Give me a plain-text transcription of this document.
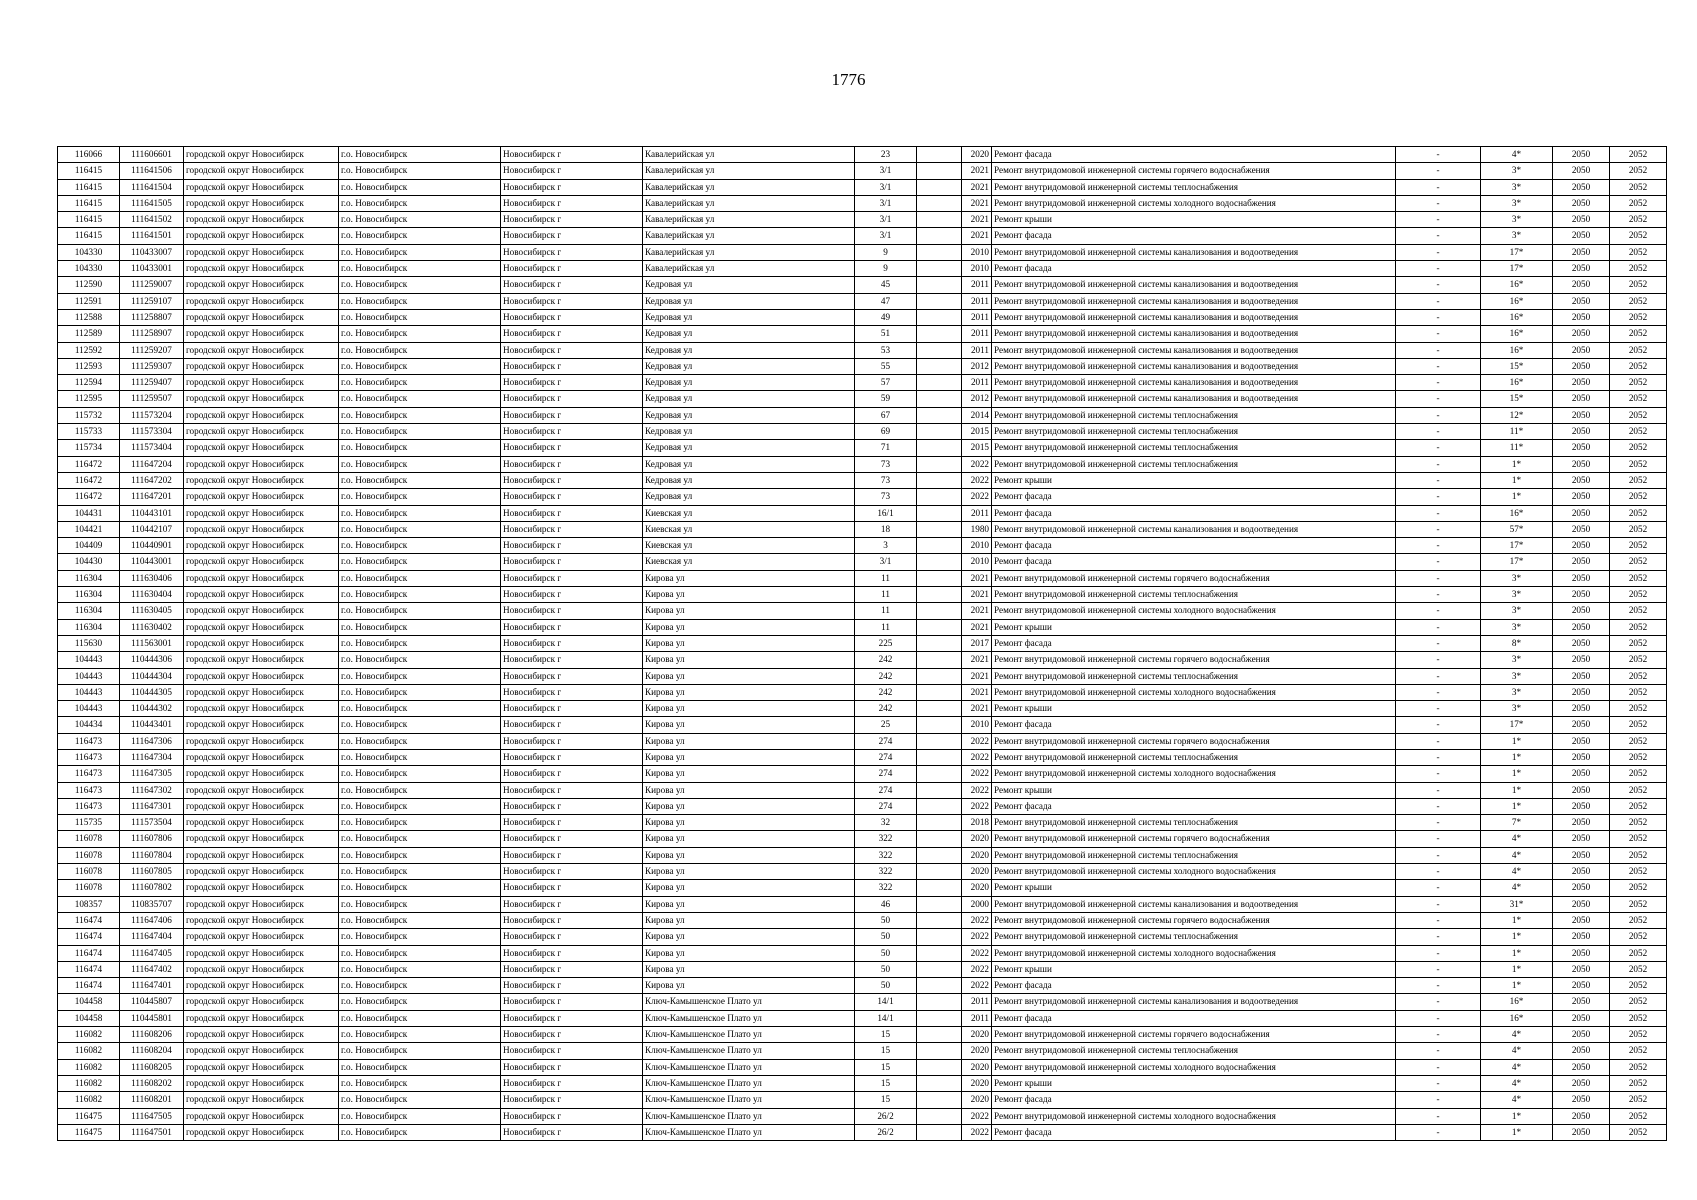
1776
116066	111606601	городской округ Новосибирск	г.о. Новосибирск	Новосибирск г	Кавалерийская ул	23		2020	Ремонт фасада	-	4*	2050	2052
116415	111641506	городской округ Новосибирск	г.о. Новосибирск	Новосибирск г	Кавалерийская ул	3/1		2021	Ремонт внутридомовой инженерной системы горячего водоснабжения	-	3*	2050	2052
116415	111641504	городской округ Новосибирск	г.о. Новосибирск	Новосибирск г	Кавалерийская ул	3/1		2021	Ремонт внутридомовой инженерной системы теплоснабжения	-	3*	2050	2052
116415	111641505	городской округ Новосибирск	г.о. Новосибирск	Новосибирск г	Кавалерийская ул	3/1		2021	Ремонт внутридомовой инженерной системы холодного водоснабжения	-	3*	2050	2052
116415	111641502	городской округ Новосибирск	г.о. Новосибирск	Новосибирск г	Кавалерийская ул	3/1		2021	Ремонт крыши	-	3*	2050	2052
116415	111641501	городской округ Новосибирск	г.о. Новосибирск	Новосибирск г	Кавалерийская ул	3/1		2021	Ремонт фасада	-	3*	2050	2052
104330	110433007	городской округ Новосибирск	г.о. Новосибирск	Новосибирск г	Кавалерийская ул	9		2010	Ремонт внутридомовой инженерной системы канализования и водоотведения	-	17*	2050	2052
104330	110433001	городской округ Новосибирск	г.о. Новосибирск	Новосибирск г	Кавалерийская ул	9		2010	Ремонт фасада	-	17*	2050	2052
112590	111259007	городской округ Новосибирск	г.о. Новосибирск	Новосибирск г	Кедровая ул	45		2011	Ремонт внутридомовой инженерной системы канализования и водоотведения	-	16*	2050	2052
112591	111259107	городской округ Новосибирск	г.о. Новосибирск	Новосибирск г	Кедровая ул	47		2011	Ремонт внутридомовой инженерной системы канализования и водоотведения	-	16*	2050	2052
112588	111258807	городской округ Новосибирск	г.о. Новосибирск	Новосибирск г	Кедровая ул	49		2011	Ремонт внутридомовой инженерной системы канализования и водоотведения	-	16*	2050	2052
112589	111258907	городской округ Новосибирск	г.о. Новосибирск	Новосибирск г	Кедровая ул	51		2011	Ремонт внутридомовой инженерной системы канализования и водоотведения	-	16*	2050	2052
112592	111259207	городской округ Новосибирск	г.о. Новосибирск	Новосибирск г	Кедровая ул	53		2011	Ремонт внутридомовой инженерной системы канализования и водоотведения	-	16*	2050	2052
112593	111259307	городской округ Новосибирск	г.о. Новосибирск	Новосибирск г	Кедровая ул	55		2012	Ремонт внутридомовой инженерной системы канализования и водоотведения	-	15*	2050	2052
112594	111259407	городской округ Новосибирск	г.о. Новосибирск	Новосибирск г	Кедровая ул	57		2011	Ремонт внутридомовой инженерной системы канализования и водоотведения	-	16*	2050	2052
112595	111259507	городской округ Новосибирск	г.о. Новосибирск	Новосибирск г	Кедровая ул	59		2012	Ремонт внутридомовой инженерной системы канализования и водоотведения	-	15*	2050	2052
115732	111573204	городской округ Новосибирск	г.о. Новосибирск	Новосибирск г	Кедровая ул	67		2014	Ремонт внутридомовой инженерной системы теплоснабжения	-	12*	2050	2052
115733	111573304	городской округ Новосибирск	г.о. Новосибирск	Новосибирск г	Кедровая ул	69		2015	Ремонт внутридомовой инженерной системы теплоснабжения	-	11*	2050	2052
115734	111573404	городской округ Новосибирск	г.о. Новосибирск	Новосибирск г	Кедровая ул	71		2015	Ремонт внутридомовой инженерной системы теплоснабжения	-	11*	2050	2052
116472	111647204	городской округ Новосибирск	г.о. Новосибирск	Новосибирск г	Кедровая ул	73		2022	Ремонт внутридомовой инженерной системы теплоснабжения	-	1*	2050	2052
116472	111647202	городской округ Новосибирск	г.о. Новосибирск	Новосибирск г	Кедровая ул	73		2022	Ремонт крыши	-	1*	2050	2052
116472	111647201	городской округ Новосибирск	г.о. Новосибирск	Новосибирск г	Кедровая ул	73		2022	Ремонт фасада	-	1*	2050	2052
104431	110443101	городской округ Новосибирск	г.о. Новосибирск	Новосибирск г	Киевская ул	16/1		2011	Ремонт фасада	-	16*	2050	2052
104421	110442107	городской округ Новосибирск	г.о. Новосибирск	Новосибирск г	Киевская ул	18		1980	Ремонт внутридомовой инженерной системы канализования и водоотведения	-	57*	2050	2052
104409	110440901	городской округ Новосибирск	г.о. Новосибирск	Новосибирск г	Киевская ул	3		2010	Ремонт фасада	-	17*	2050	2052
104430	110443001	городской округ Новосибирск	г.о. Новосибирск	Новосибирск г	Киевская ул	3/1		2010	Ремонт фасада	-	17*	2050	2052
116304	111630406	городской округ Новосибирск	г.о. Новосибирск	Новосибирск г	Кирова ул	11		2021	Ремонт внутридомовой инженерной системы горячего водоснабжения	-	3*	2050	2052
116304	111630404	городской округ Новосибирск	г.о. Новосибирск	Новосибирск г	Кирова ул	11		2021	Ремонт внутридомовой инженерной системы теплоснабжения	-	3*	2050	2052
116304	111630405	городской округ Новосибирск	г.о. Новосибирск	Новосибирск г	Кирова ул	11		2021	Ремонт внутридомовой инженерной системы холодного водоснабжения	-	3*	2050	2052
116304	111630402	городской округ Новосибирск	г.о. Новосибирск	Новосибирск г	Кирова ул	11		2021	Ремонт крыши	-	3*	2050	2052
115630	111563001	городской округ Новосибирск	г.о. Новосибирск	Новосибирск г	Кирова ул	225		2017	Ремонт фасада	-	8*	2050	2052
104443	110444306	городской округ Новосибирск	г.о. Новосибирск	Новосибирск г	Кирова ул	242		2021	Ремонт внутридомовой инженерной системы горячего водоснабжения	-	3*	2050	2052
104443	110444304	городской округ Новосибирск	г.о. Новосибирск	Новосибирск г	Кирова ул	242		2021	Ремонт внутридомовой инженерной системы теплоснабжения	-	3*	2050	2052
104443	110444305	городской округ Новосибирск	г.о. Новосибирск	Новосибирск г	Кирова ул	242		2021	Ремонт внутридомовой инженерной системы холодного водоснабжения	-	3*	2050	2052
104443	110444302	городской округ Новосибирск	г.о. Новосибирск	Новосибирск г	Кирова ул	242		2021	Ремонт крыши	-	3*	2050	2052
104434	110443401	городской округ Новосибирск	г.о. Новосибирск	Новосибирск г	Кирова ул	25		2010	Ремонт фасада	-	17*	2050	2052
116473	111647306	городской округ Новосибирск	г.о. Новосибирск	Новосибирск г	Кирова ул	274		2022	Ремонт внутридомовой инженерной системы горячего водоснабжения	-	1*	2050	2052
116473	111647304	городской округ Новосибирск	г.о. Новосибирск	Новосибирск г	Кирова ул	274		2022	Ремонт внутридомовой инженерной системы теплоснабжения	-	1*	2050	2052
116473	111647305	городской округ Новосибирск	г.о. Новосибирск	Новосибирск г	Кирова ул	274		2022	Ремонт внутридомовой инженерной системы холодного водоснабжения	-	1*	2050	2052
116473	111647302	городской округ Новосибирск	г.о. Новосибирск	Новосибирск г	Кирова ул	274		2022	Ремонт крыши	-	1*	2050	2052
116473	111647301	городской округ Новосибирск	г.о. Новосибирск	Новосибирск г	Кирова ул	274		2022	Ремонт фасада	-	1*	2050	2052
115735	111573504	городской округ Новосибирск	г.о. Новосибирск	Новосибирск г	Кирова ул	32		2018	Ремонт внутридомовой инженерной системы теплоснабжения	-	7*	2050	2052
116078	111607806	городской округ Новосибирск	г.о. Новосибирск	Новосибирск г	Кирова ул	322		2020	Ремонт внутридомовой инженерной системы горячего водоснабжения	-	4*	2050	2052
116078	111607804	городской округ Новосибирск	г.о. Новосибирск	Новосибирск г	Кирова ул	322		2020	Ремонт внутридомовой инженерной системы теплоснабжения	-	4*	2050	2052
116078	111607805	городской округ Новосибирск	г.о. Новосибирск	Новосибирск г	Кирова ул	322		2020	Ремонт внутридомовой инженерной системы холодного водоснабжения	-	4*	2050	2052
116078	111607802	городской округ Новосибирск	г.о. Новосибирск	Новосибирск г	Кирова ул	322		2020	Ремонт крыши	-	4*	2050	2052
108357	110835707	городской округ Новосибирск	г.о. Новосибирск	Новосибирск г	Кирова ул	46		2000	Ремонт внутридомовой инженерной системы канализования и водоотведения	-	31*	2050	2052
116474	111647406	городской округ Новосибирск	г.о. Новосибирск	Новосибирск г	Кирова ул	50		2022	Ремонт внутридомовой инженерной системы горячего водоснабжения	-	1*	2050	2052
116474	111647404	городской округ Новосибирск	г.о. Новосибирск	Новосибирск г	Кирова ул	50		2022	Ремонт внутридомовой инженерной системы теплоснабжения	-	1*	2050	2052
116474	111647405	городской округ Новосибирск	г.о. Новосибирск	Новосибирск г	Кирова ул	50		2022	Ремонт внутридомовой инженерной системы холодного водоснабжения	-	1*	2050	2052
116474	111647402	городской округ Новосибирск	г.о. Новосибирск	Новосибирск г	Кирова ул	50		2022	Ремонт крыши	-	1*	2050	2052
116474	111647401	городской округ Новосибирск	г.о. Новосибирск	Новосибирск г	Кирова ул	50		2022	Ремонт фасада	-	1*	2050	2052
104458	110445807	городской округ Новосибирск	г.о. Новосибирск	Новосибирск г	Ключ-Камышенское Плато ул	14/1		2011	Ремонт внутридомовой инженерной системы канализования и водоотведения	-	16*	2050	2052
104458	110445801	городской округ Новосибирск	г.о. Новосибирск	Новосибирск г	Ключ-Камышенское Плато ул	14/1		2011	Ремонт фасада	-	16*	2050	2052
116082	111608206	городской округ Новосибирск	г.о. Новосибирск	Новосибирск г	Ключ-Камышенское Плато ул	15		2020	Ремонт внутридомовой инженерной системы горячего водоснабжения	-	4*	2050	2052
116082	111608204	городской округ Новосибирск	г.о. Новосибирск	Новосибирск г	Ключ-Камышенское Плато ул	15		2020	Ремонт внутридомовой инженерной системы теплоснабжения	-	4*	2050	2052
116082	111608205	городской округ Новосибирск	г.о. Новосибирск	Новосибирск г	Ключ-Камышенское Плато ул	15		2020	Ремонт внутридомовой инженерной системы холодного водоснабжения	-	4*	2050	2052
116082	111608202	городской округ Новосибирск	г.о. Новосибирск	Новосибирск г	Ключ-Камышенское Плато ул	15		2020	Ремонт крыши	-	4*	2050	2052
116082	111608201	городской округ Новосибирск	г.о. Новосибирск	Новосибирск г	Ключ-Камышенское Плато ул	15		2020	Ремонт фасада	-	4*	2050	2052
116475	111647505	городской округ Новосибирск	г.о. Новосибирск	Новосибирск г	Ключ-Камышенское Плато ул	26/2		2022	Ремонт внутридомовой инженерной системы холодного водоснабжения	-	1*	2050	2052
116475	111647501	городской округ Новосибирск	г.о. Новосибирск	Новосибирск г	Ключ-Камышенское Плато ул	26/2		2022	Ремонт фасада	-	1*	2050	2052
